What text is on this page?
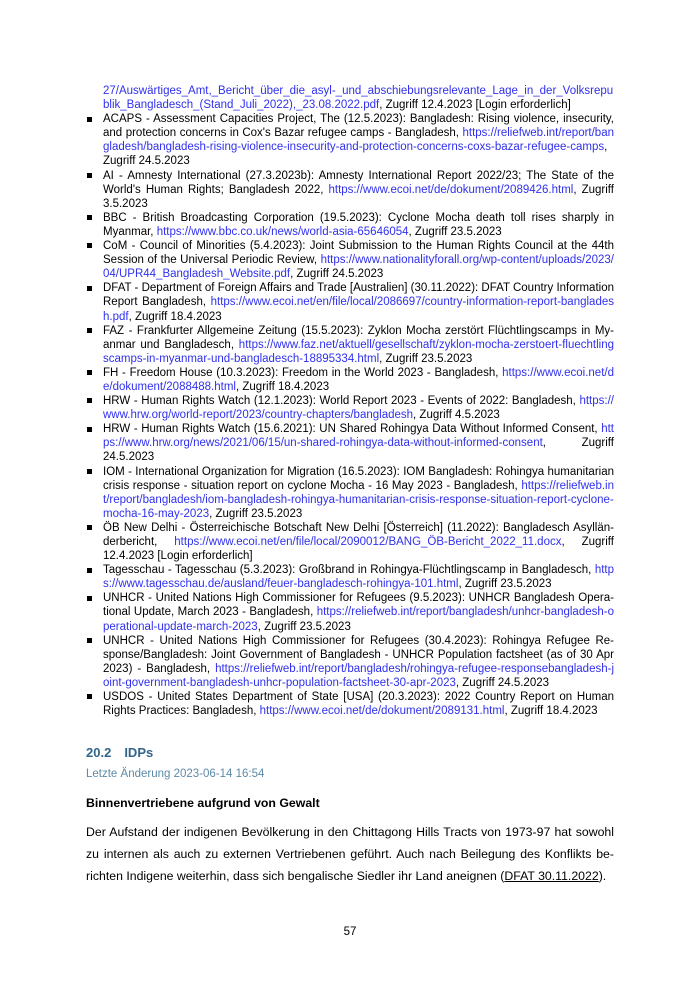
27/Auswärtiges_Amt,_Bericht_über_die_asyl-_und_abschiebungsrelevante_Lage_in_der_Volksrepublik_Bangladesch_(Stand_Juli_2022),_23.08.2022.pdf, Zugriff 12.4.2023 [Login erforderlich]
ACAPS - Assessment Capacities Project, The (12.5.2023): Bangladesh: Rising violence, insecurity, and protection concerns in Cox's Bazar refugee camps - Bangladesh, https://reliefweb.int/report/bangladesh/bangladesh-rising-violence-insecurity-and-protection-concerns-coxs-bazar-refugee-camps, Zugriff 24.5.2023
AI - Amnesty International (27.3.2023b): Amnesty International Report 2022/23; The State of the World's Human Rights; Bangladesh 2022, https://www.ecoi.net/de/dokument/2089426.html, Zugriff 3.5.2023
BBC - British Broadcasting Corporation (19.5.2023): Cyclone Mocha death toll rises sharply in Myanmar, https://www.bbc.co.uk/news/world-asia-65646054, Zugriff 23.5.2023
CoM - Council of Minorities (5.4.2023): Joint Submission to the Human Rights Council at the 44th Session of the Universal Periodic Review, https://www.nationalityforall.org/wp-content/uploads/2023/04/UPR44_Bangladesh_Website.pdf, Zugriff 24.5.2023
DFAT - Department of Foreign Affairs and Trade [Australien] (30.11.2022): DFAT Country Information Report Bangladesh, https://www.ecoi.net/en/file/local/2086697/country-information-report-bangladesh.pdf, Zugriff 18.4.2023
FAZ - Frankfurter Allgemeine Zeitung (15.5.2023): Zyklon Mocha zerstört Flüchtlingscamps in Myanmar und Bangladesch, https://www.faz.net/aktuell/gesellschaft/zyklon-mocha-zerstoert-fluechtlingscamps-in-myanmar-und-bangladesch-18895334.html, Zugriff 23.5.2023
FH - Freedom House (10.3.2023): Freedom in the World 2023 - Bangladesh, https://www.ecoi.net/de/dokument/2088488.html, Zugriff 18.4.2023
HRW - Human Rights Watch (12.1.2023): World Report 2023 - Events of 2022: Bangladesh, https://www.hrw.org/world-report/2023/country-chapters/bangladesh, Zugriff 4.5.2023
HRW - Human Rights Watch (15.6.2021): UN Shared Rohingya Data Without Informed Consent, https://www.hrw.org/news/2021/06/15/un-shared-rohingya-data-without-informed-consent, Zugriff 24.5.2023
IOM - International Organization for Migration (16.5.2023): IOM Bangladesh: Rohingya humanitarian crisis response - situation report on cyclone Mocha - 16 May 2023 - Bangladesh, https://reliefweb.int/report/bangladesh/iom-bangladesh-rohingya-humanitarian-crisis-response-situation-report-cyclone-mocha-16-may-2023, Zugriff 23.5.2023
ÖB New Delhi - Österreichische Botschaft New Delhi [Österreich] (11.2022): Bangladesch Asylländerbericht, https://www.ecoi.net/en/file/local/2090012/BANG_ÖB-Bericht_2022_11.docx, Zugriff 12.4.2023 [Login erforderlich]
Tagesschau - Tagesschau (5.3.2023): Großbrand in Rohingya-Flüchtlingscamp in Bangladesch, https://www.tagesschau.de/ausland/feuer-bangladesch-rohingya-101.html, Zugriff 23.5.2023
UNHCR - United Nations High Commissioner for Refugees (9.5.2023): UNHCR Bangladesh Operational Update, March 2023 - Bangladesh, https://reliefweb.int/report/bangladesh/unhcr-bangladesh-operational-update-march-2023, Zugriff 23.5.2023
UNHCR - United Nations High Commissioner for Refugees (30.4.2023): Rohingya Refugee Response/Bangladesh: Joint Government of Bangladesh - UNHCR Population factsheet (as of 30 Apr 2023) - Bangladesh, https://reliefweb.int/report/bangladesh/rohingya-refugee-responsebangladesh-joint-government-bangladesh-unhcr-population-factsheet-30-apr-2023, Zugriff 24.5.2023
USDOS - United States Department of State [USA] (20.3.2023): 2022 Country Report on Human Rights Practices: Bangladesh, https://www.ecoi.net/de/dokument/2089131.html, Zugriff 18.4.2023
20.2 IDPs
Letzte Änderung 2023-06-14 16:54
Binnenvertriebene aufgrund von Gewalt

Der Aufstand der indigenen Bevölkerung in den Chittagong Hills Tracts von 1973-97 hat sowohl zu internen als auch zu externen Vertriebenen geführt. Auch nach Beilegung des Konflikts berichten Indigene weiterhin, dass sich bengalische Siedler ihr Land aneignen (DFAT 30.11.2022).

57
